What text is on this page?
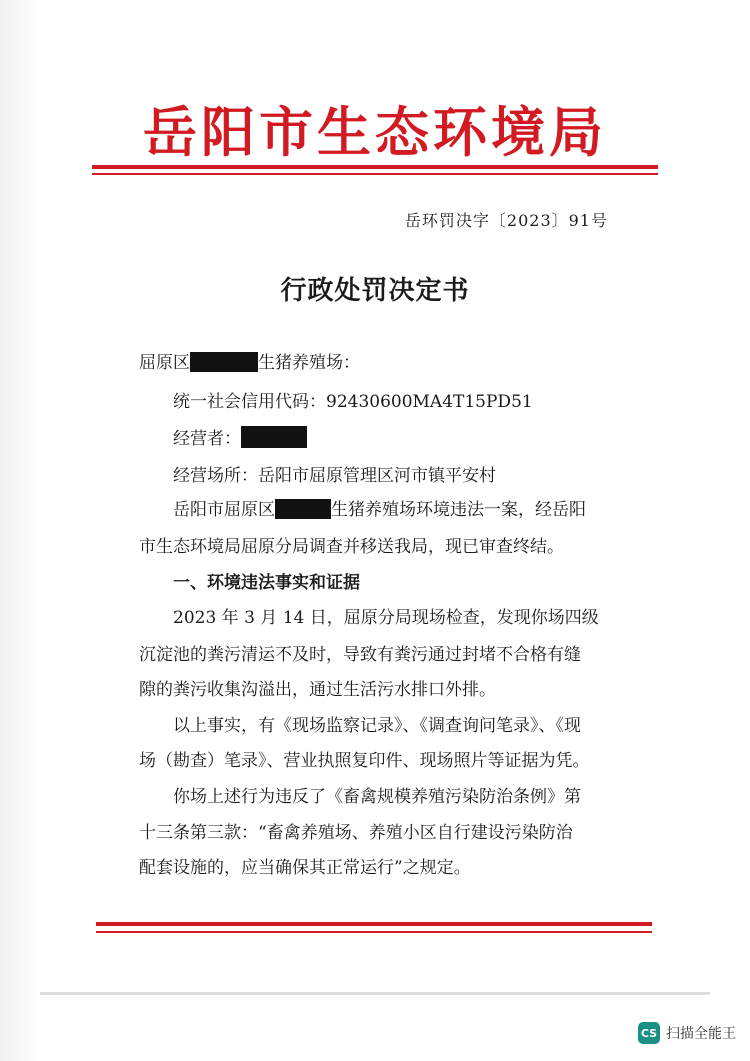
岳阳市生态环境局
岳环罚决字〔2023〕91号
行政处罚决定书
屈原区	生猪养殖场：
统一社会信用代码：92430600MA4T15PD51
经营者：
经营场所：岳阳市屈原管理区河市镇平安村
岳阳市屈原区	生猪养殖场环境违法一案，经岳阳
市生态环境局屈原分局调查并移送我局，现已审查终结。
一、环境违法事实和证据
2023 年 3 月 14 日，屈原分局现场检查，发现你场四级
沉淀池的粪污清运不及时，导致有粪污通过封堵不合格有缝
隙的粪污收集沟溢出，通过生活污水排口外排。
以上事实，有《现场监察记录》、《调查询问笔录》、《现
场（勘查）笔录》、营业执照复印件、现场照片等证据为凭。
你场上述行为违反了《畜禽规模养殖污染防治条例》第
十三条第三款：“畜禽养殖场、养殖小区自行建设污染防治
配套设施的，应当确保其正常运行”之规定。
CS 扫描全能王
